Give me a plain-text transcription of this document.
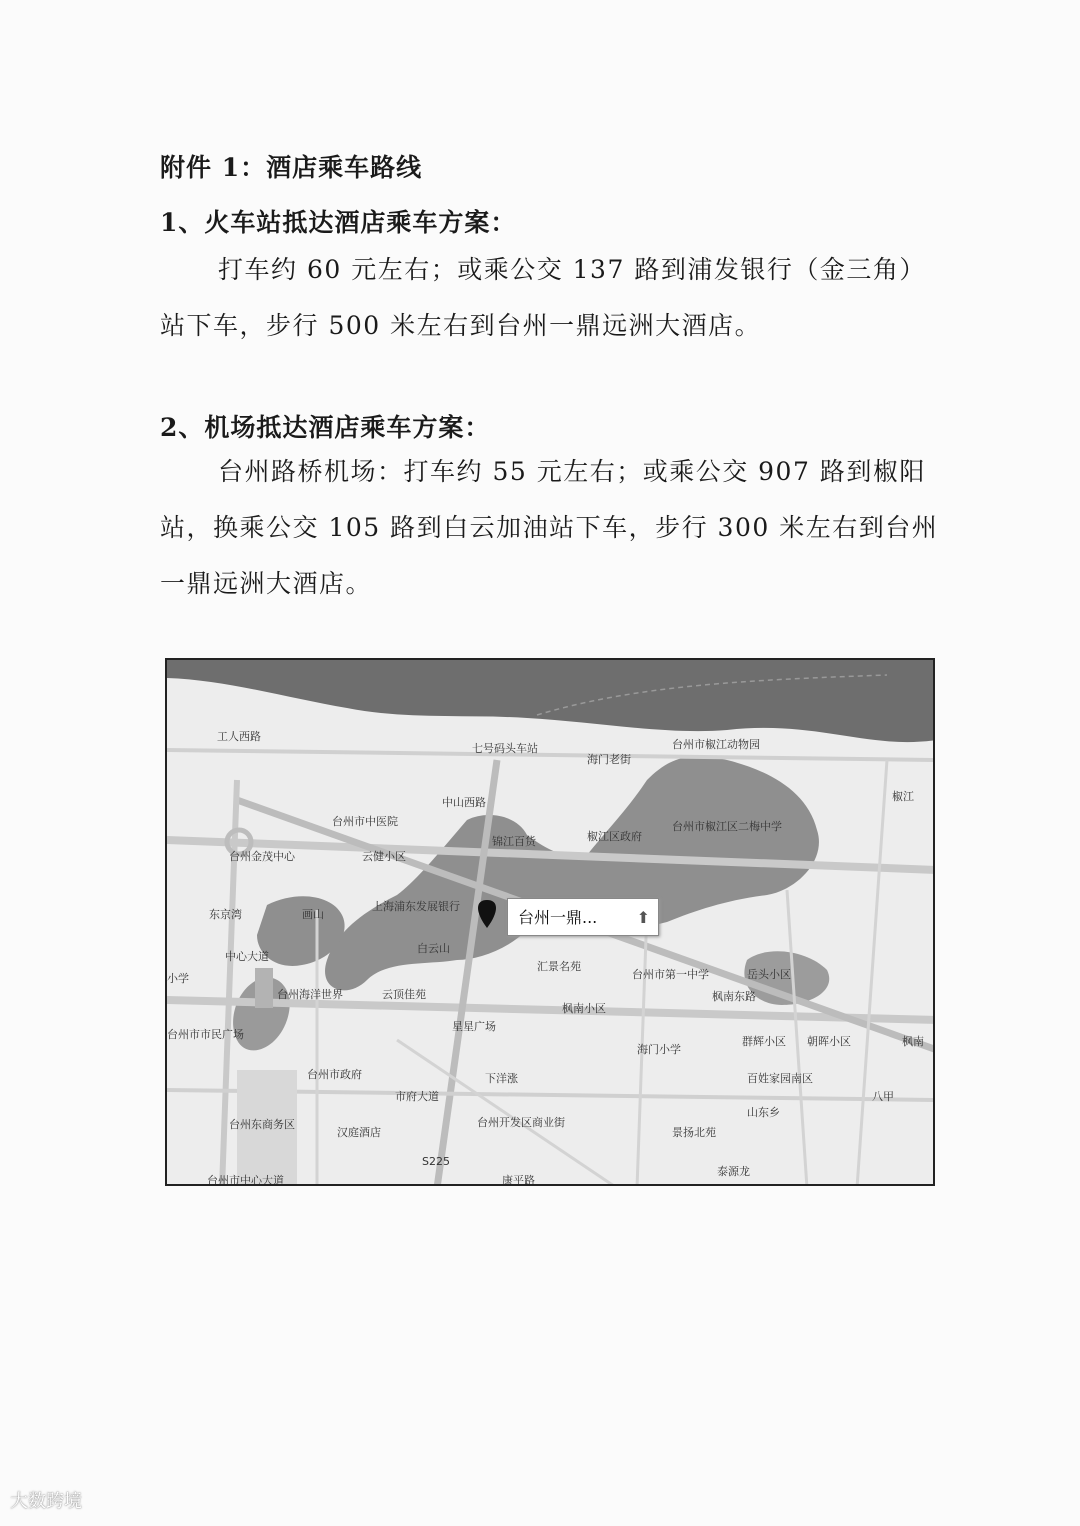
附件 1：酒店乘车路线
1、火车站抵达酒店乘车方案：
打车约 60 元左右；或乘公交 137 路到浦发银行（金三角）站下车，步行 500 米左右到台州一鼎远洲大酒店。
2、机场抵达酒店乘车方案：
台州路桥机场：打车约 55 元左右；或乘公交 907 路到椒阳站，换乘公交 105 路到白云加油站下车，步行 300 米左右到台州一鼎远洲大酒店。
工人西路
七号码头车站
海门老街
台州市椒江动物园
椒江
中山西路
台州市中医院
锦江百货	椒江区政府
台州市椒江区二梅中学
台州金茂中心	云健小区
上海浦东发展银行
东京湾	画山
白云山
汇景名苑
台州市第一中学	岳头小区
小学
中心大道
台州海洋世界	云顶佳苑	枫南东路
枫南小区
星星广场
台州市市民广场
海门小学
群辉小区 朝晖小区
台州市政府	下洋涨	百姓家园南区
市府大道	八甲
台州东商务区
汉庭酒店
台州开发区商业街
景扬北苑
山东乡
S225
台州市中心大道	康平路
泰源龙
枫南
台州一鼎... ⬆
大数跨境
